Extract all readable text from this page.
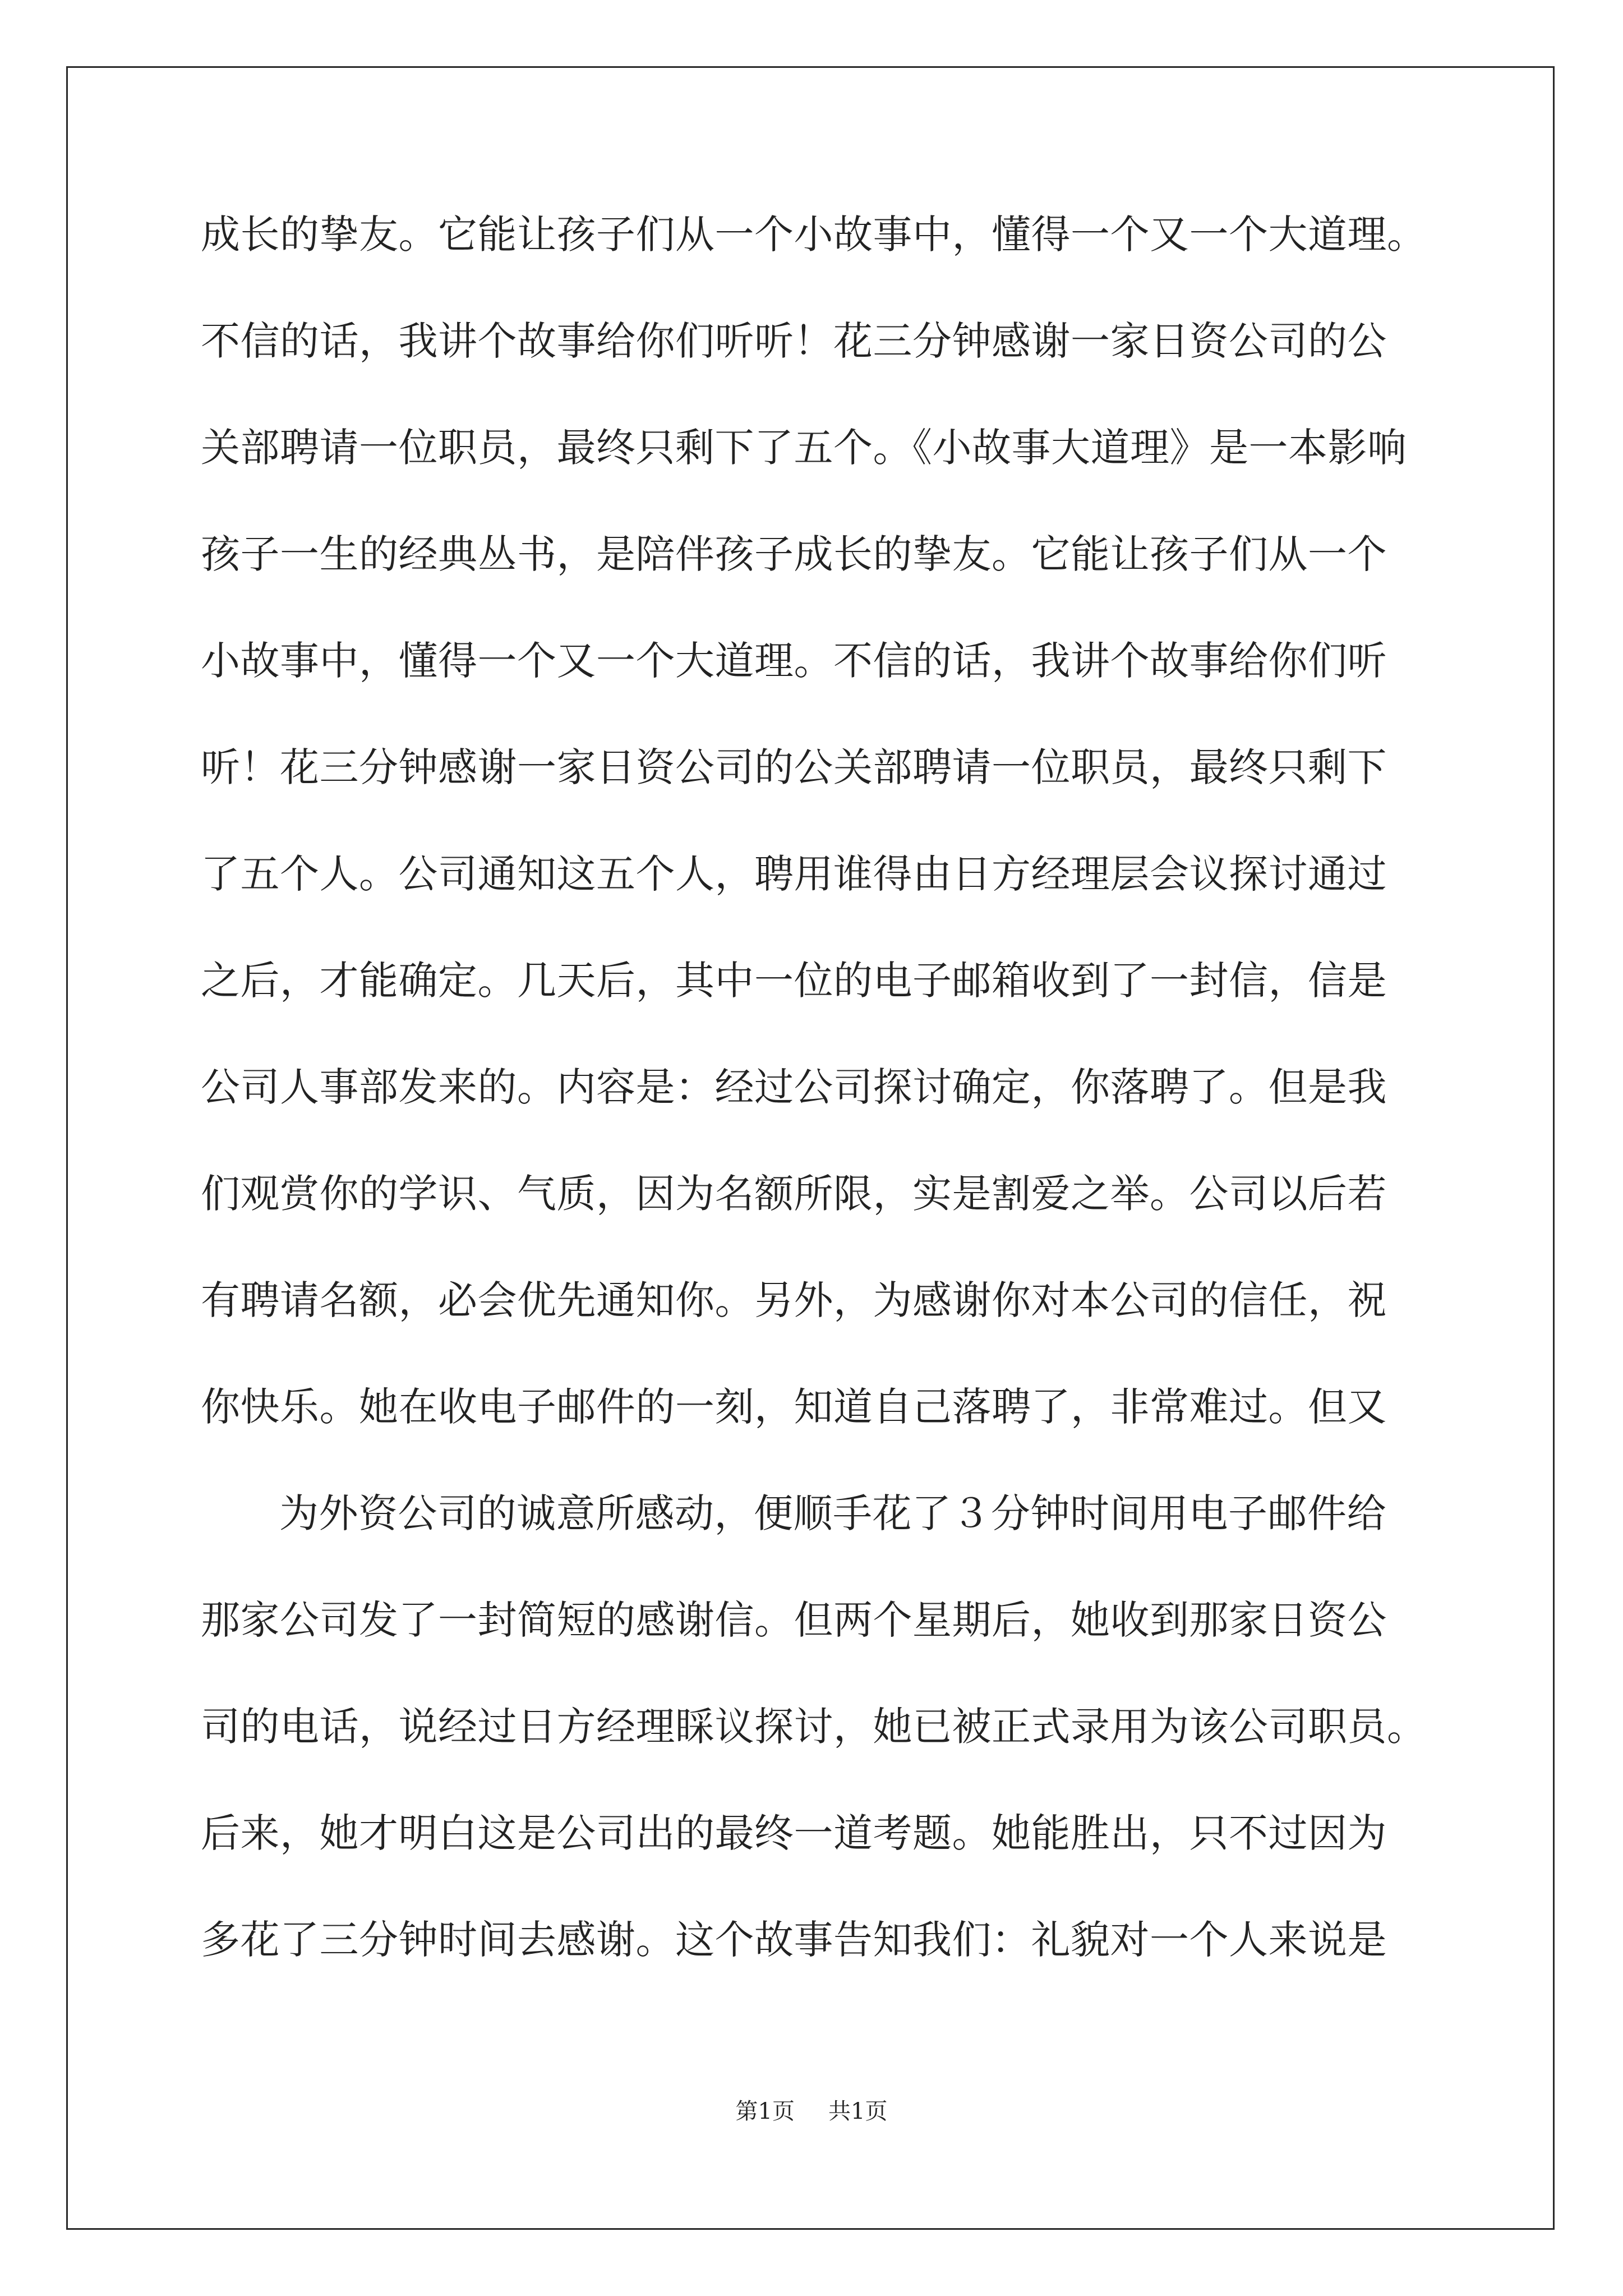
成长的挚友。它能让孩子们从一个小故事中，懂得一个又一个大道理。
不信的话，我讲个故事给你们听听！花三分钟感谢一家日资公司的公
关部聘请一位职员，最终只剩下了五个。《小故事大道理》是一本影响
孩子一生的经典丛书，是陪伴孩子成长的挚友。它能让孩子们从一个
小故事中，懂得一个又一个大道理。不信的话，我讲个故事给你们听
听！花三分钟感谢一家日资公司的公关部聘请一位职员，最终只剩下
了五个人。公司通知这五个人，聘用谁得由日方经理层会议探讨通过
之后，才能确定。几天后，其中一位的电子邮箱收到了一封信，信是
公司人事部发来的。内容是：经过公司探讨确定，你落聘了。但是我
们观赏你的学识、气质，因为名额所限，实是割爱之举。公司以后若
有聘请名额，必会优先通知你。另外，为感谢你对本公司的信任，祝
你快乐。她在收电子邮件的一刻，知道自己落聘了，非常难过。但又
为外资公司的诚意所感动，便顺手花了３分钟时间用电子邮件给
那家公司发了一封简短的感谢信。但两个星期后，她收到那家日资公
司的电话，说经过日方经理睬议探讨，她已被正式录用为该公司职员。
后来，她才明白这是公司出的最终一道考题。她能胜出，只不过因为
多花了三分钟时间去感谢。这个故事告知我们：礼貌对一个人来说是
第1页 共1页
